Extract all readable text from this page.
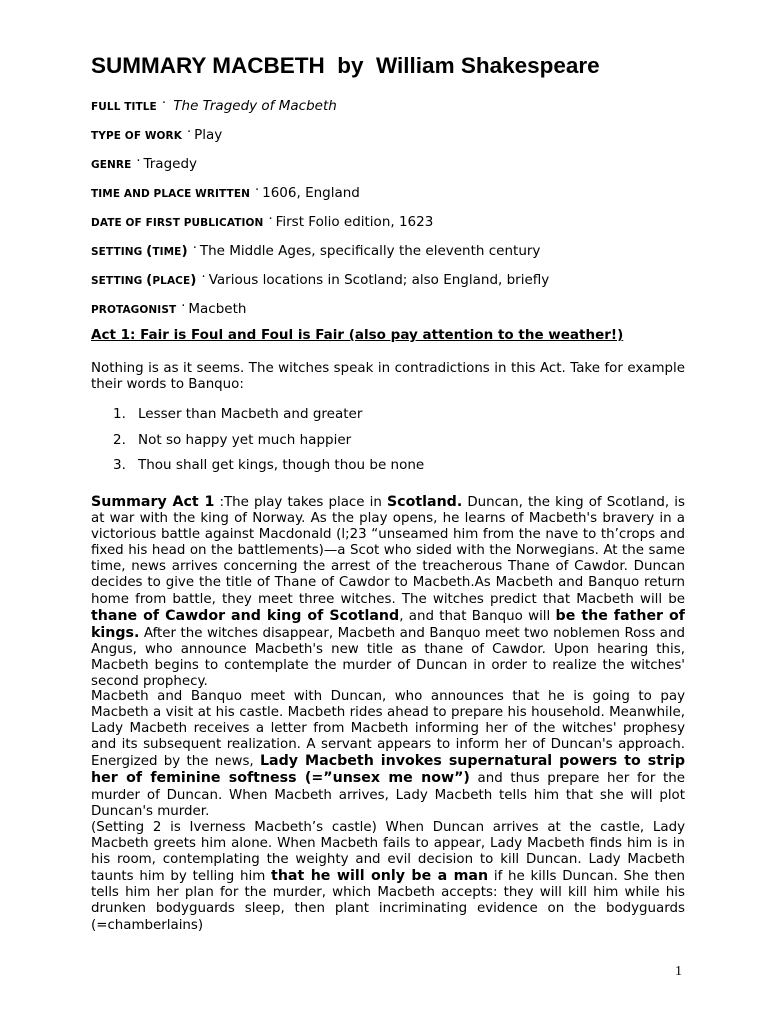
SUMMARY MACBETH  by  William Shakespeare
FULL TITLE · The Tragedy of Macbeth
TYPE OF WORK · Play
GENRE · Tragedy
TIME AND PLACE WRITTEN · 1606, England
DATE OF FIRST PUBLICATION · First Folio edition, 1623
SETTING (TIME) · The Middle Ages, specifically the eleventh century
SETTING (PLACE) · Various locations in Scotland; also England, briefly
PROTAGONIST · Macbeth
Act 1: Fair is Foul and Foul is Fair (also pay attention to the weather!)

Nothing is as it seems. The witches speak in contradictions in this Act. Take for example their words to Banquo:

1. Lesser than Macbeth and greater
2. Not so happy yet much happier
3. Thou shall get kings, though thou be none

Summary Act 1 :The play takes place in Scotland. Duncan, the king of Scotland, is at war with the king of Norway. As the play opens, he learns of Macbeth's bravery in a victorious battle against Macdonald (l;23 “unseamed him from the nave to th’crops and fixed his head on the battlements)—a Scot who sided with the Norwegians. At the same time, news arrives concerning the arrest of the treacherous Thane of Cawdor. Duncan decides to give the title of Thane of Cawdor to Macbeth.As Macbeth and Banquo return home from battle, they meet three witches. The witches predict that Macbeth will be thane of Cawdor and king of Scotland, and that Banquo will be the father of kings. After the witches disappear, Macbeth and Banquo meet two noblemen Ross and Angus, who announce Macbeth's new title as thane of Cawdor. Upon hearing this, Macbeth begins to contemplate the murder of Duncan in order to realize the witches' second prophecy.

Macbeth and Banquo meet with Duncan, who announces that he is going to pay Macbeth a visit at his castle. Macbeth rides ahead to prepare his household. Meanwhile, Lady Macbeth receives a letter from Macbeth informing her of the witches' prophesy and its subsequent realization. A servant appears to inform her of Duncan's approach. Energized by the news, Lady Macbeth invokes supernatural powers to strip her of feminine softness (=”unsex me now”) and thus prepare her for the murder of Duncan. When Macbeth arrives, Lady Macbeth tells him that she will plot Duncan's murder.

(Setting 2 is Iverness Macbeth’s castle) When Duncan arrives at the castle, Lady Macbeth greets him alone. When Macbeth fails to appear, Lady Macbeth finds him is in his room, contemplating the weighty and evil decision to kill Duncan. Lady Macbeth taunts him by telling him that he will only be a man if he kills Duncan. She then tells him her plan for the murder, which Macbeth accepts: they will kill him while his drunken bodyguards sleep, then plant incriminating evidence on the bodyguards (=chamberlains)

1
